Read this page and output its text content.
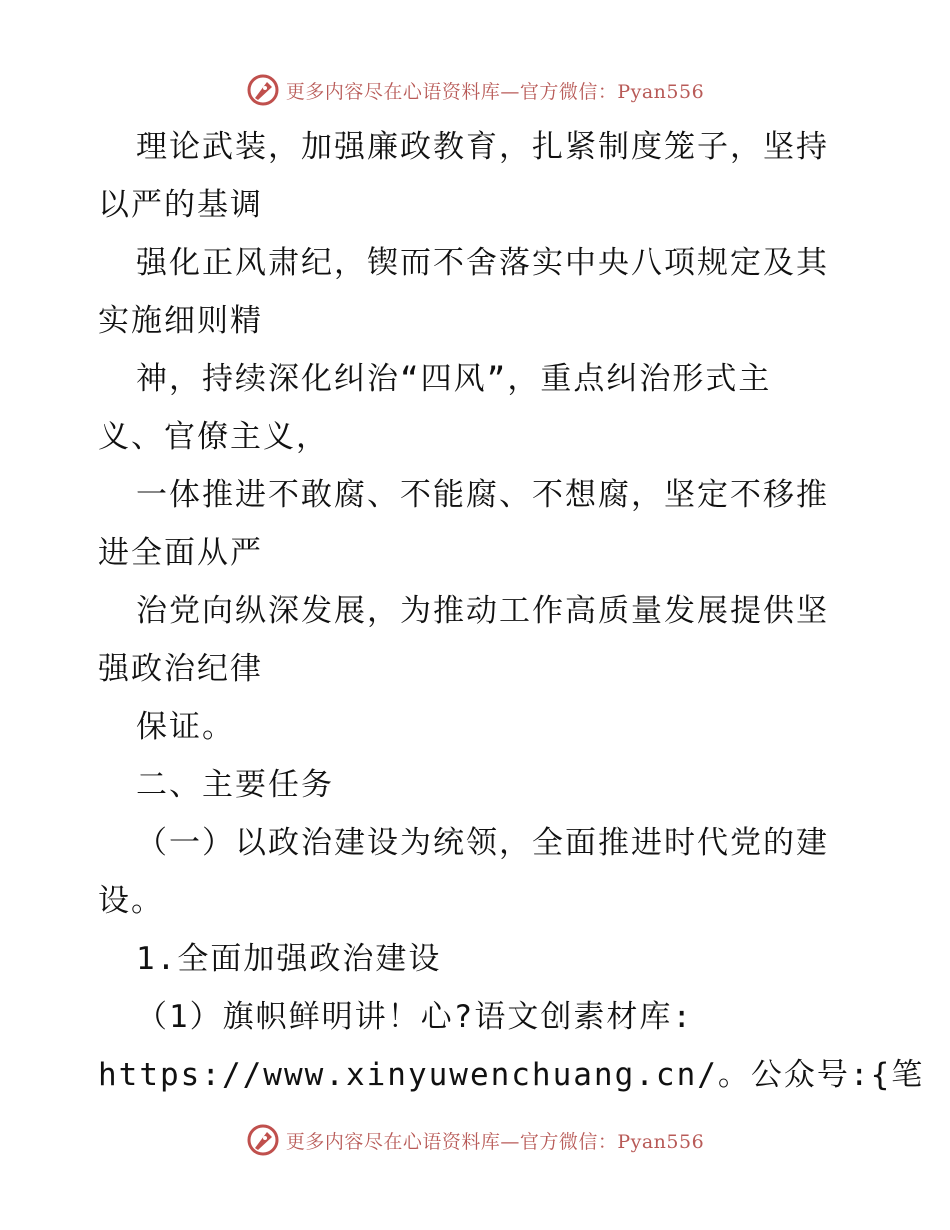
更多内容尽在心语资料库—官方微信：Pyan556
理论武装，加强廉政教育，扎紧制度笼子，坚持
以严的基调
强化正风肃纪，锲而不舍落实中央八项规定及其
实施细则精
神，持续深化纠治“四风”，重点纠治形式主
义、官僚主义，
一体推进不敢腐、不能腐、不想腐，坚定不移推
进全面从严
治党向纵深发展，为推动工作高质量发展提供坚
强政治纪律
保证。
二、主要任务
（一）以政治建设为统领，全面推进时代党的建
设。
1.全面加强政治建设
（1）旗帜鲜明讲！心?语文创素材库:
https://www.xinyuwenchuang.cn/。公众号:{笔
更多内容尽在心语资料库—官方微信：Pyan556
